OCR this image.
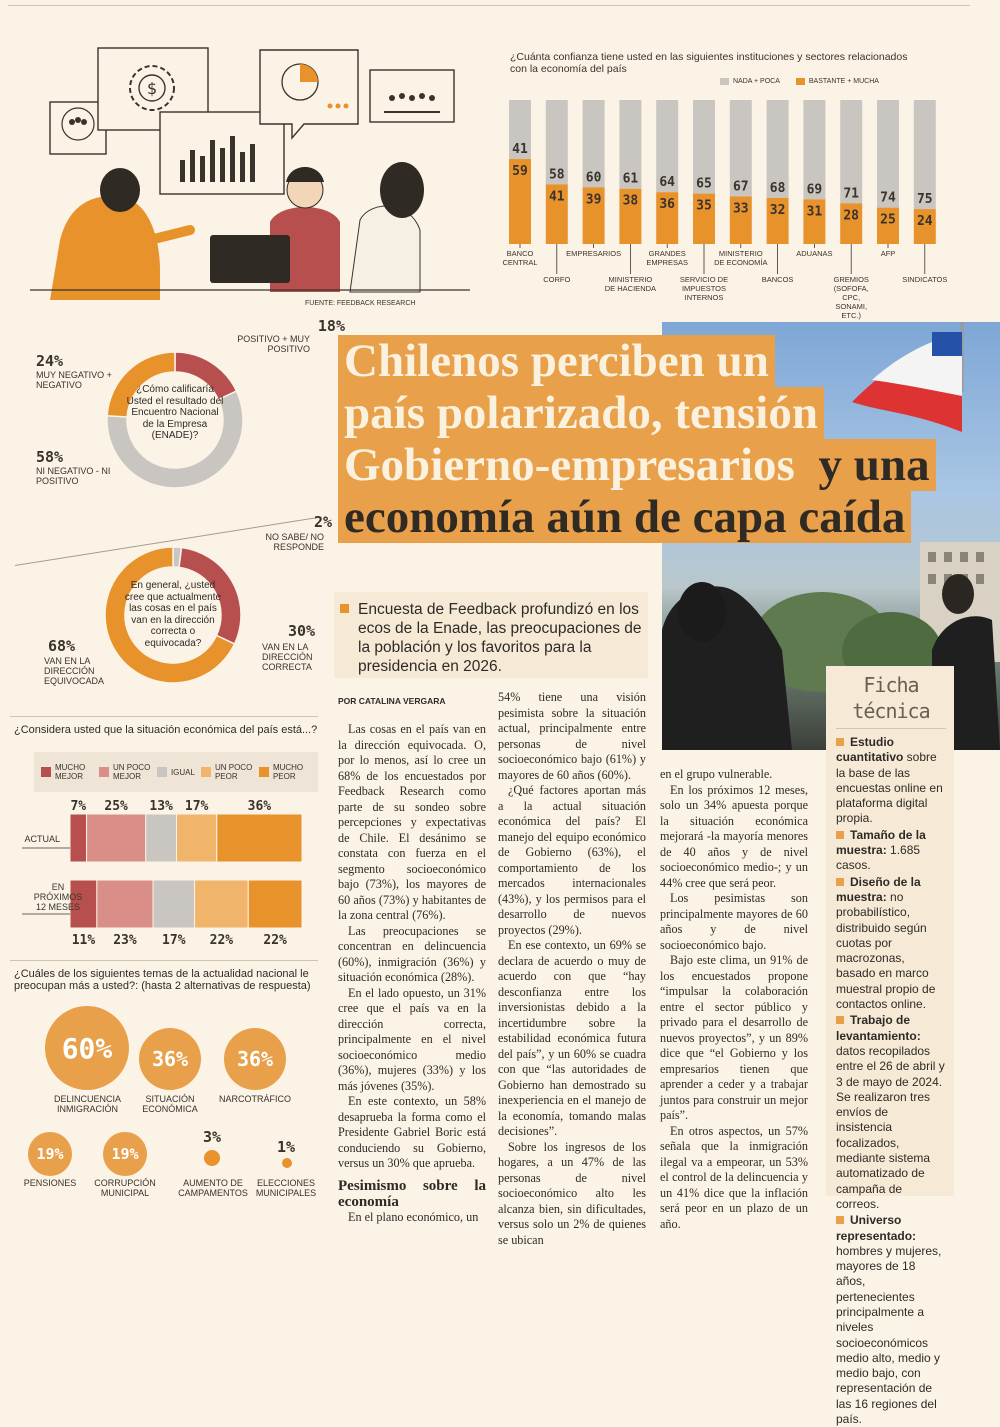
$
FUENTE: FEEDBACK RESEARCH
¿Cuánta confianza tiene usted en las siguientes instituciones y sectores relacionados con la economía del país
NADA + POCA	BASTANTE + MUCHA
41
59
BANCO
CENTRAL
58
41
CORFO
60
39
EMPRESARIOS
61
38
MINISTERIO
DE HACIENDA
64
36
GRANDES
EMPRESAS
65
35
SERVICIO DE
IMPUESTOS
INTERNOS
67
33
MINISTERIO
DE ECONOMÍA
68
32
BANCOS
69
31
ADUANAS
71
28
GREMIOS
(SOFOFA,
CPC,
SONAMI,
ETC.)
74
25
AFP
75
24
SINDICATOS
¿Cómo calificaría Usted el resultado del Encuentro Nacional de la Empresa (ENADE)?
18%
POSITIVO + MUY POSITIVO
24%
MUY NEGATIVO + NEGATIVO
58%
NI NEGATIVO - NI POSITIVO
En general, ¿usted cree que actualmente las cosas en el país van en la dirección correcta o equivocada?
2%
NO SABE/ NO RESPONDE
30%
VAN EN LA DIRECCIÓN CORRECTA
68%
VAN EN LA DIRECCIÓN EQUIVOCADA
¿Considera usted que la situación económica del país está...?
MUCHO MEJOR
UN POCO MEJOR	IGUAL UN POCO PEOR
MUCHO PEOR
7% 25% 13% 17%	36%
11% 23% 17% 22% 22%
ACTUAL
EN
PRÓXIMOS
12 MESES
¿Cuáles de los siguientes temas de la actualidad nacional le preocupan más a usted?: (hasta 2 alternativas de respuesta)
60%
DELINCUENCIA INMIGRACIÓN
36%
SITUACIÓN ECONÓMICA
36%
NARCOTRÁFICO
19%
PENSIONES
19%
CORRUPCIÓN MUNICIPAL
3%
AUMENTO DE CAMPAMENTOS
1%
ELECCIONES MUNICIPALES
Chilenos perciben un
país polarizado, tensión
Gobierno-empresarios y una
economía aún de capa caída
Encuesta de Feedback profundizó en los ecos de la Enade, las preocupaciones de la población y los favoritos para la presidencia en 2026.
POR CATALINA VERGARA

Las cosas en el país van en la dirección equivocada. O, por lo menos, así lo cree un 68% de los encuestados por Feedback Research como parte de su sondeo sobre percepciones y expectativas de Chile. El desánimo se constata con fuerza en el segmento socioeconómico bajo (73%), los mayores de 60 años (73%) y habitantes de la zona central (76%).

Las preocupaciones se concentran en delincuencia (60%), inmigración (36%) y situación económica (28%).

En el lado opuesto, un 31% cree que el país va en la dirección correcta, principalmente en el nivel socioeconómico medio (36%), mujeres (33%) y los más jóvenes (35%).

En este contexto, un 58% desaprueba la forma como el Presidente Gabriel Boric está conduciendo su Gobierno, versus un 30% que aprueba.

Pesimismo sobre la economía

En el plano económico, un

54% tiene una visión pesimista sobre la situación actual, principalmente entre personas de nivel socioeconómico bajo (61%) y mayores de 60 años (60%).

¿Qué factores aportan más a la actual situación económica del país? El manejo del equipo económico de Gobierno (63%), el comportamiento de los mercados internacionales (43%), y los permisos para el desarrollo de nuevos proyectos (29%).

En ese contexto, un 69% se declara de acuerdo o muy de acuerdo con que “hay desconfianza entre los inversionistas debido a la incertidumbre sobre la estabilidad económica futura del país”, y un 60% se cuadra con que “las autoridades de Gobierno han demostrado su inexperiencia en el manejo de la economía, tomando malas decisiones”.

Sobre los ingresos de los hogares, a un 47% de las personas de nivel socioeconómico alto les alcanza bien, sin dificultades, versus solo un 2% de quienes se ubican

en el grupo vulnerable.

En los próximos 12 meses, solo un 34% apuesta porque la situación económica mejorará -la mayoría menores de 40 años y de nivel socioeconómico medio-; y un 44% cree que será peor.

Los pesimistas son principalmente mayores de 60 años y de nivel socioeconómico bajo.

Bajo este clima, un 91% de los encuestados propone “impulsar la colaboración entre el sector público y privado para el desarrollo de nuevos proyectos”, y un 89% dice que “el Gobierno y los empresarios tienen que aprender a ceder y a trabajar juntos para construir un mejor país”.

En otros aspectos, un 57% señala que la inmigración ilegal va a empeorar, un 53% el control de la delincuencia y un 41% dice que la inflación será peor en un plazo de un año.

Ficha técnica
Estudio cuantitativo sobre la base de las encuestas online en plataforma digital propia.
Tamaño de la muestra: 1.685 casos.
Diseño de la muestra: no probabilístico, distribuido según cuotas por macrozonas, basado en marco muestral propio de contactos online.
Trabajo de levantamiento: datos recopilados entre el 26 de abril y 3 de mayo de 2024. Se realizaron tres envíos de insistencia focalizados, mediante sistema automatizado de campaña de correos.
Universo representado: hombres y mujeres, mayores de 18 años, pertenecientes principalmente a niveles socioeconómicos medio alto, medio y medio bajo, con representación de las 16 regiones del país.
